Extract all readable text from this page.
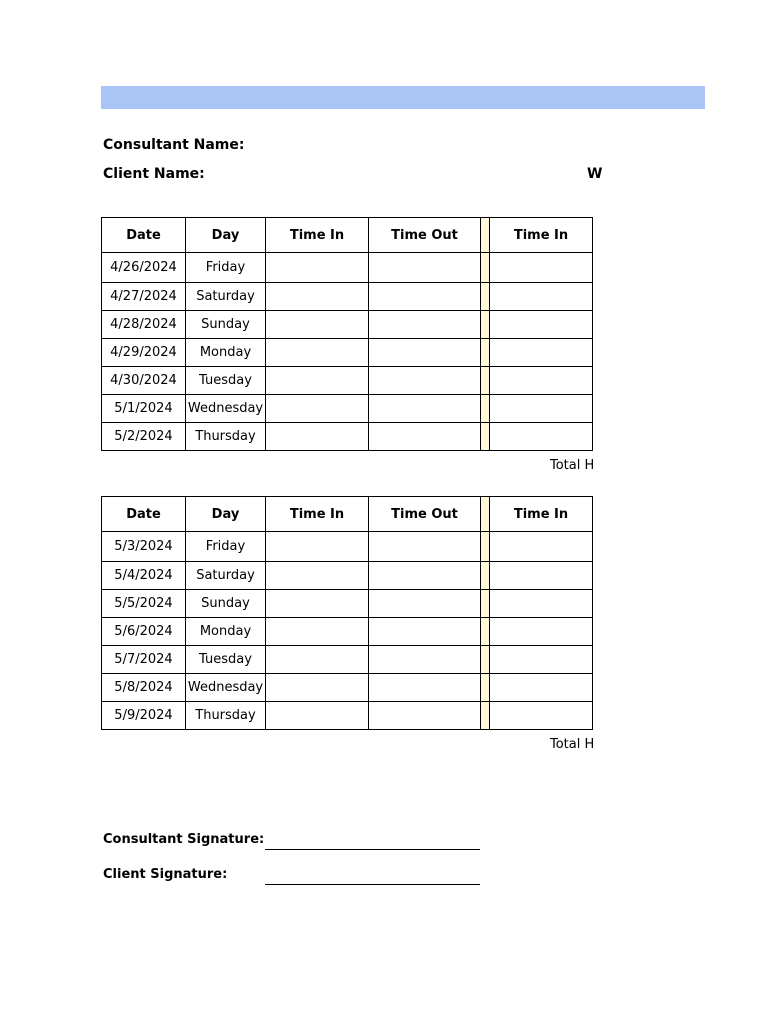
Consultant Name:
Client Name:	W
Date	Day	Time In	Time Out		Time In
4/26/2024	Friday				
4/27/2024	Saturday				
4/28/2024	Sunday				
4/29/2024	Monday				
4/30/2024	Tuesday				
5/1/2024	Wednesday				
5/2/2024	Thursday				
Total H
Date	Day	Time In	Time Out		Time In
5/3/2024	Friday				
5/4/2024	Saturday				
5/5/2024	Sunday				
5/6/2024	Monday				
5/7/2024	Tuesday				
5/8/2024	Wednesday				
5/9/2024	Thursday				
Total H
Consultant Signature:
Client Signature:
